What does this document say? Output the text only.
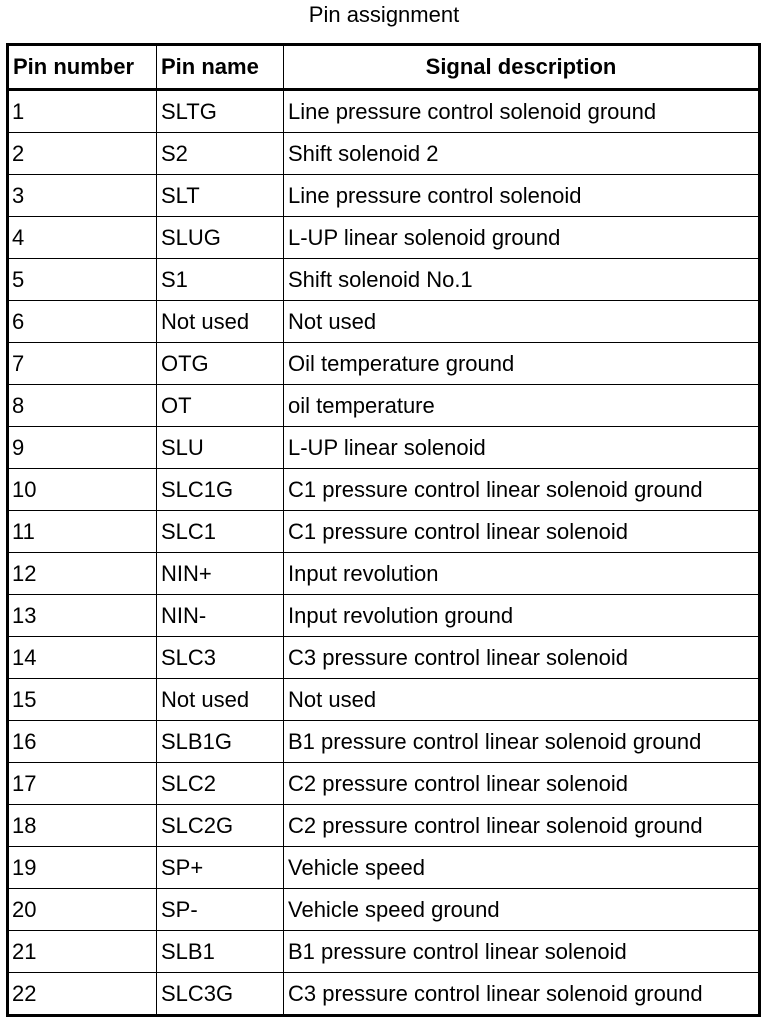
Pin assignment
Pin number	Pin name	Signal description
1	SLTG	Line pressure control solenoid ground
2	S2	Shift solenoid 2
3	SLT	Line pressure control solenoid
4	SLUG	L-UP linear solenoid ground
5	S1	Shift solenoid No.1
6	Not used	Not used
7	OTG	Oil temperature ground
8	OT	oil temperature
9	SLU	L-UP linear solenoid
10	SLC1G	C1 pressure control linear solenoid ground
11	SLC1	C1 pressure control linear solenoid
12	NIN+	Input revolution
13	NIN-	Input revolution ground
14	SLC3	C3 pressure control linear solenoid
15	Not used	Not used
16	SLB1G	B1 pressure control linear solenoid ground
17	SLC2	C2 pressure control linear solenoid
18	SLC2G	C2 pressure control linear solenoid ground
19	SP+	Vehicle speed
20	SP-	Vehicle speed ground
21	SLB1	B1 pressure control linear solenoid
22	SLC3G	C3 pressure control linear solenoid ground
